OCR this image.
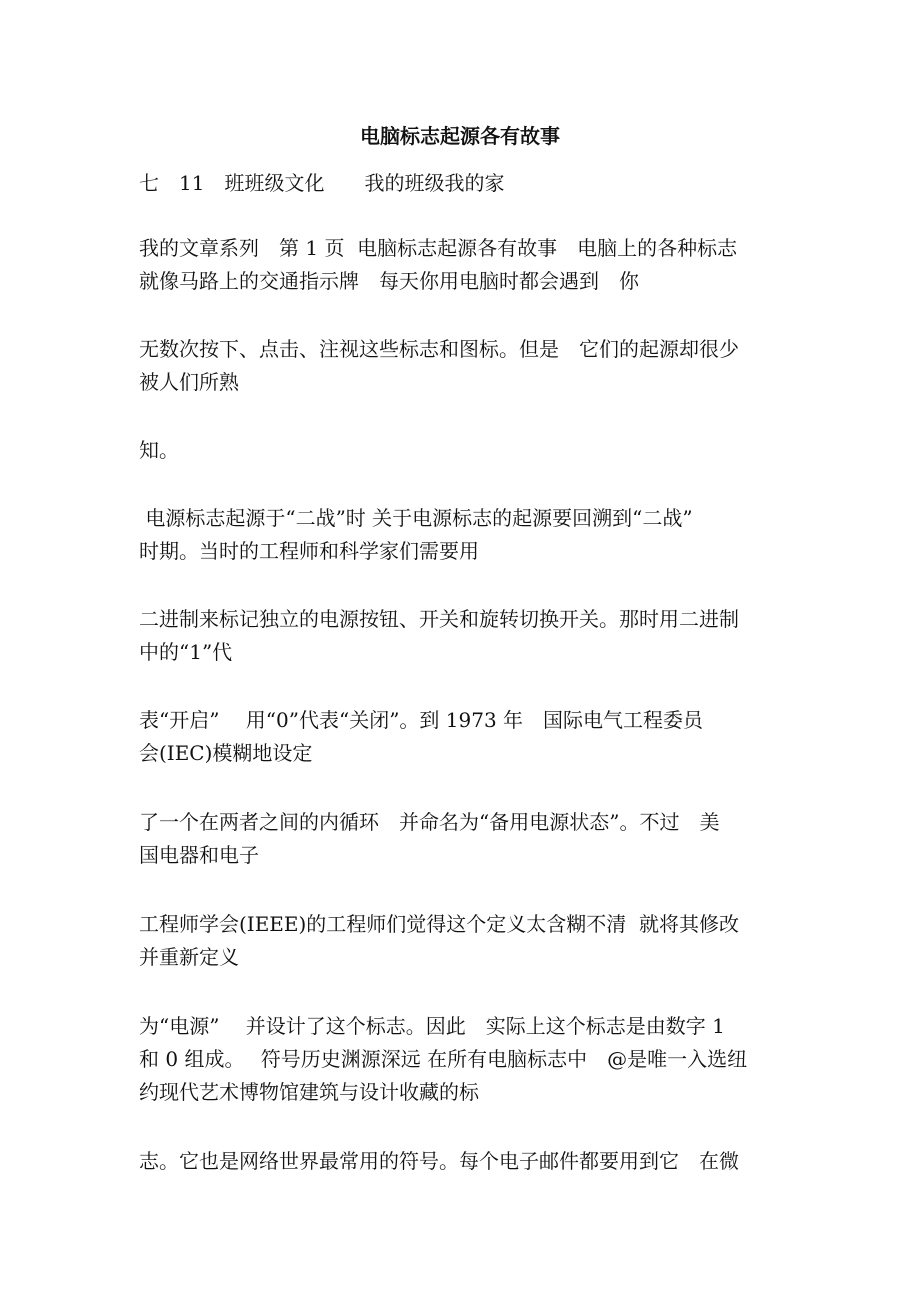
电脑标志起源各有故事
七　11　班班级文化　　我的班级我的家
我的文章系列　第 1 页  电脑标志起源各有故事　电脑上的各种标志
就像马路上的交通指示牌　每天你用电脑时都会遇到　你
无数次按下、点击、注视这些标志和图标。但是　它们的起源却很少
被人们所熟
知。
电源标志起源于“二战”时 关于电源标志的起源要回溯到“二战”
时期。当时的工程师和科学家们需要用
二进制来标记独立的电源按钮、开关和旋转切换开关。那时用二进制
中的“1”代
表“开启”　 用“0”代表“关闭”。到 1973 年　国际电气工程委员
会(IEC)模糊地设定
了一个在两者之间的内循环　并命名为“备用电源状态”。不过　美
国电器和电子
工程师学会(IEEE)的工程师们觉得这个定义太含糊不清  就将其修改
并重新定义
为“电源”　 并设计了这个标志。因此　实际上这个标志是由数字 1
和 0 组成。　 符号历史渊源深远 在所有电脑标志中　@是唯一入选纽
约现代艺术博物馆建筑与设计收藏的标
志。它也是网络世界最常用的符号。每个电子邮件都要用到它　在微
